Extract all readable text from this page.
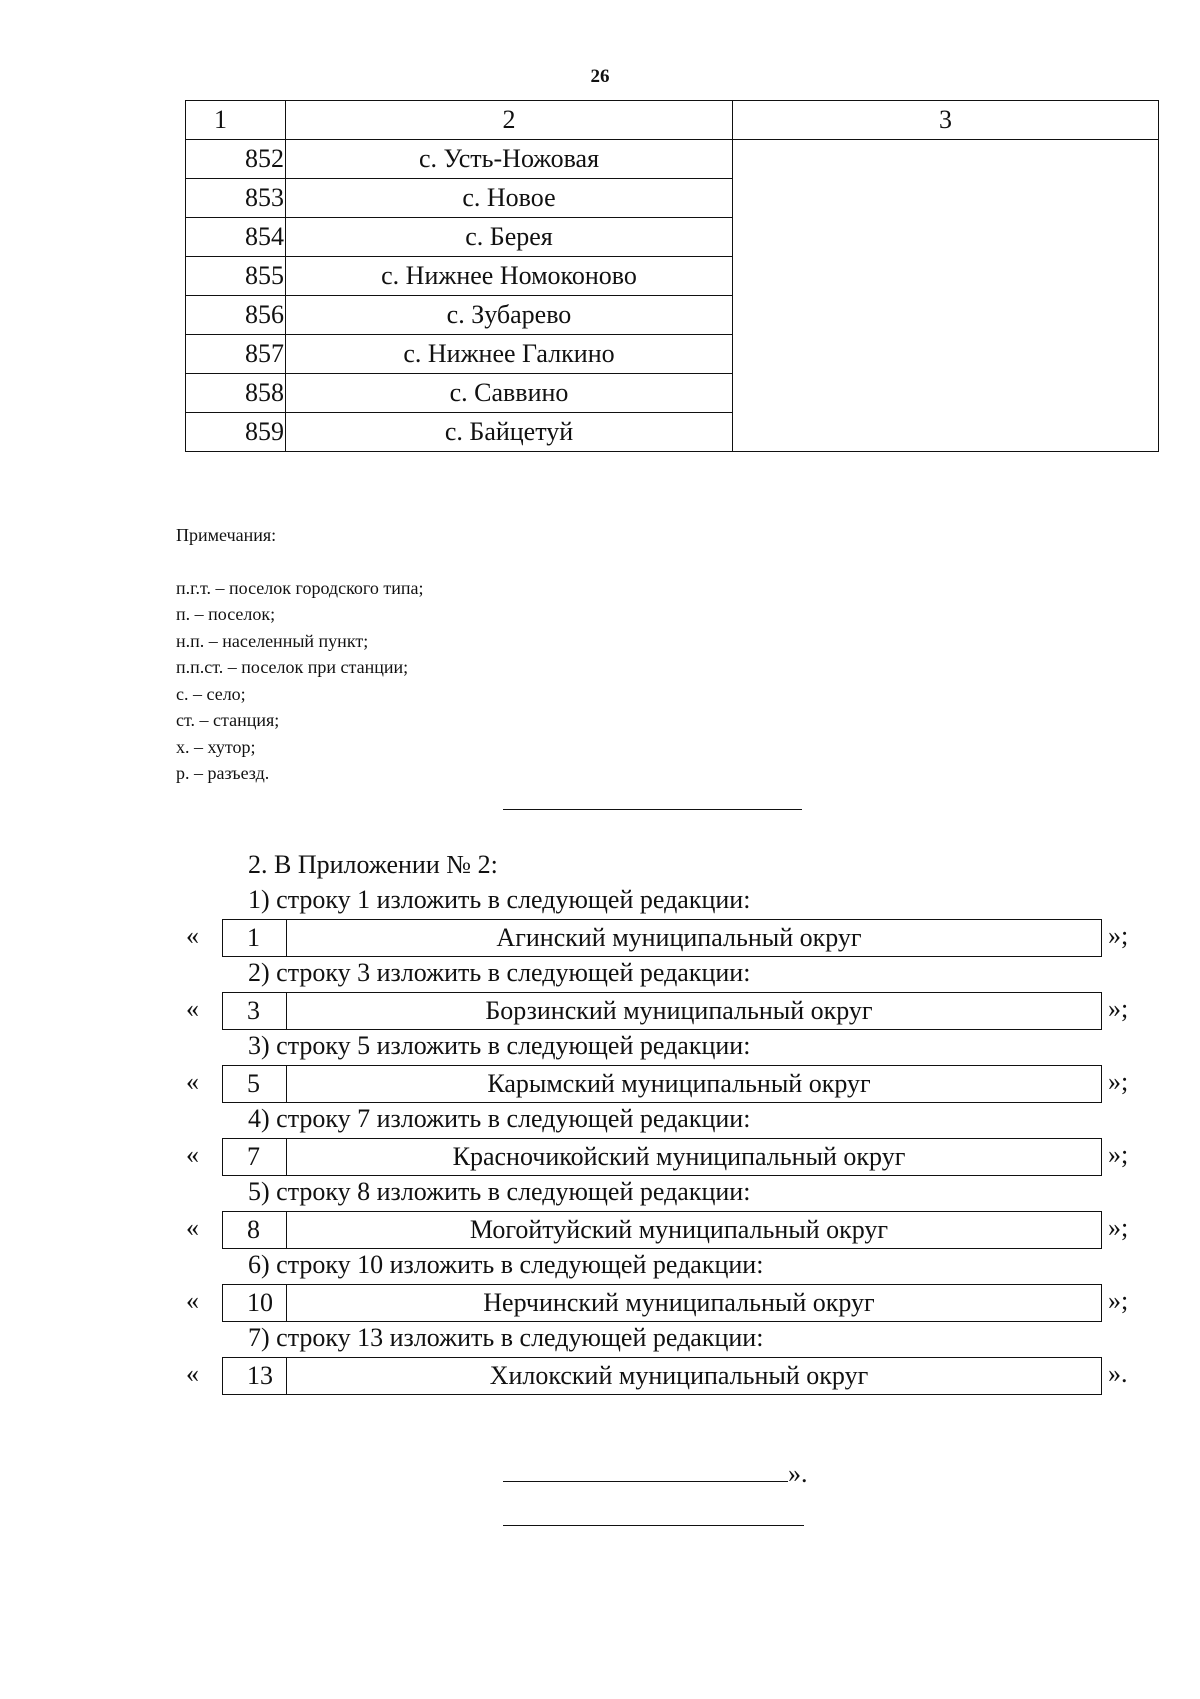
26
1	2	3
852	с. Усть-Ножовая	
853	с. Новое	
854	с. Берея	
855	с. Нижнее Номоконово	
856	с. Зубарево	
857	с. Нижнее Галкино	
858	с. Саввино	
859	с. Байцетуй	
Примечания:
п.г.т. – поселок городского типа;
п. – поселок;
н.п. – населенный пункт;
п.п.ст. – поселок при станции;
с. – село;
ст. – станция;
х. – хутор;
р. – разъезд.
2. В Приложении № 2:
1) строку 1 изложить в следующей редакции:
«	1	Агинский муниципальный округ	»;
2) строку 3 изложить в следующей редакции:
«	3	Борзинский муниципальный округ	»;
3) строку 5 изложить в следующей редакции:
«	5	Карымский муниципальный округ	»;
4) строку 7 изложить в следующей редакции:
«	7	Красночикойский муниципальный округ	»;
5) строку 8 изложить в следующей редакции:
«	8	Могойтуйский муниципальный округ	»;
6) строку 10 изложить в следующей редакции:
«	10	Нерчинский муниципальный округ	»;
7) строку 13 изложить в следующей редакции:
«	13	Хилокский муниципальный округ	».
».
